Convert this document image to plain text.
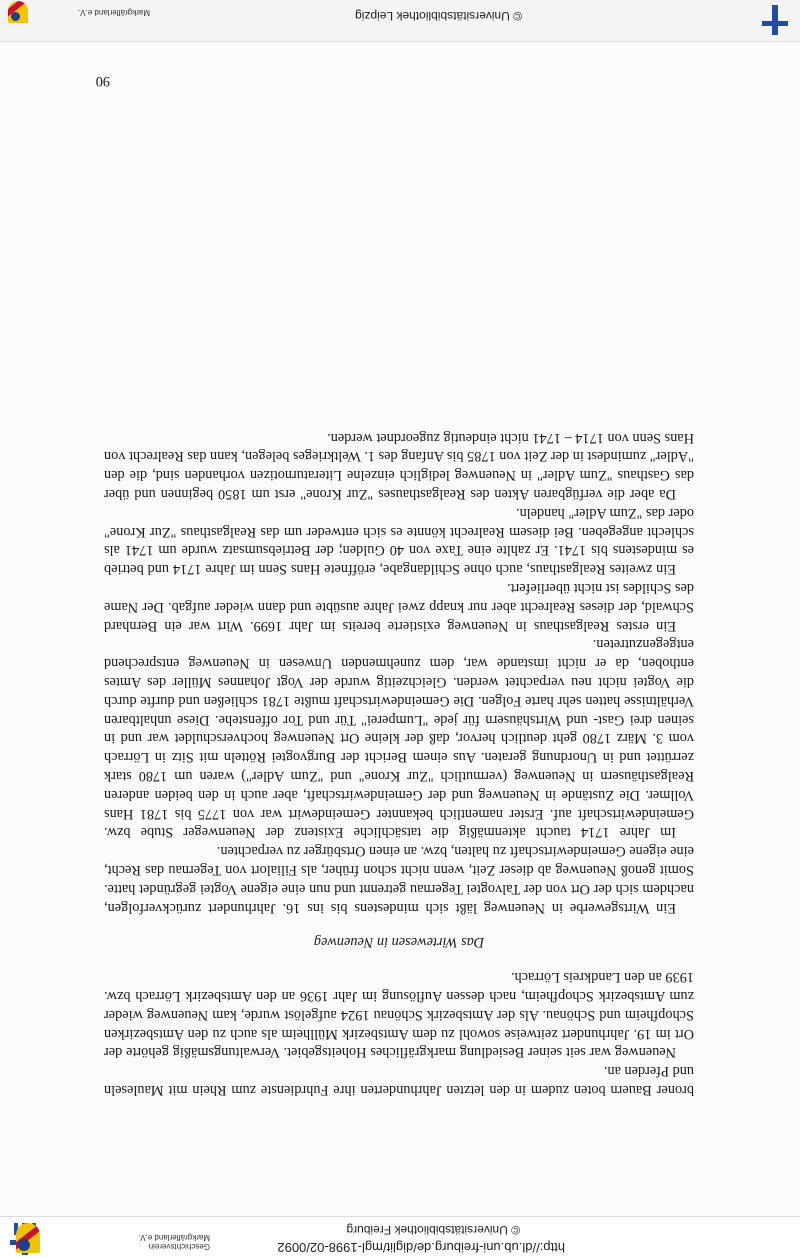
http://dl.ub.uni-freiburg.de/diglit/mgl-1998-02/0092
© Universitätsbibliothek Freiburg
Geschichtsverein
Markgräflerland e.V.
© Universitätsbibliothek Leipzig
Markgräflerland e.V.

broner Bauern boten zudem in den letzten Jahrhunderten ihre Fuhrdienste zum Rhein mit Mauleseln und Pferden an.

Neuenweg war seit seiner Besiedlung markgräfliches Hoheitsgebiet. Verwaltungsmäßig gehörte der Ort im 19. Jahrhundert zeitweise sowohl zu dem Amtsbezirk Müllheim als auch zu den Amtsbezirken Schopfheim und Schönau. Als der Amtsbezirk Schönau 1924 aufgelöst wurde, kam Neuenweg wieder zum Amtsbezirk Schopfheim, nach dessen Auflösung im Jahr 1936 an den Amtsbezirk Lörrach bzw. 1939 an den Landkreis Lörrach.

Das Wirtewesen in Neuenweg

Ein Wirtsgewerbe in Neuenweg läßt sich mindestens bis ins 16. Jahrhundert zurückverfolgen, nachdem sich der Ort von der Talvogtei Tegernau getrennt und nun eine eigene Vogtei gegründet hatte. Somit genoß Neuenweg ab dieser Zeit, wenn nicht schon früher, als Filialort von Tegernau das Recht, eine eigene Gemeindewirtschaft zu halten, bzw. an einen Ortsbürger zu verpachten.

Im Jahre 1714 taucht aktenmäßig die tatsächliche Existenz der Neuenweger Stube bzw. Gemeindewirtschaft auf. Erster namentlich bekannter Gemeindewirt war von 1775 bis 1781 Hans Vollmer. Die Zustände in Neuenweg und der Gemeindewirtschaft, aber auch in den beiden anderen Realgasthäusern in Neuenweg (vermutlich "Zur Krone" und "Zum Adler") waren um 1780 stark zerrüttet und in Unordnung geraten. Aus einem Bericht der Burgvogtei Rötteln mit Sitz in Lörrach vom 3. März 1780 geht deutlich hervor, daß der kleine Ort Neuenweg hochverschuldet war und in seinen drei Gast- und Wirtshäusern für jede "Lumperei" Tür und Tor offenstehe. Diese unhaltbaren Verhältnisse hatten sehr harte Folgen. Die Gemeindewirtschaft mußte 1781 schließen und durfte durch die Vogtei nicht neu verpachtet werden. Gleichzeitig wurde der Vogt Johannes Müller des Amtes enthoben, da er nicht imstande war, dem zunehmenden Unwesen in Neuenweg entsprechend entgegenzutreten.

Ein erstes Realgasthaus in Neuenweg existierte bereits im Jahr 1699. Wirt war ein Bernhard Schwald, der dieses Realrecht aber nur knapp zwei Jahre ausübte und dann wieder aufgab. Der Name des Schildes ist nicht überliefert.

Ein zweites Realgasthaus, auch ohne Schildangabe, eröffnete Hans Senn im Jahre 1714 und betrieb es mindestens bis 1741. Er zahlte eine Taxe von 40 Gulden; der Betriebsumsatz wurde um 1741 als schlecht angegeben. Bei diesem Realrecht könnte es sich entweder um das Realgasthaus "Zur Krone" oder das "Zum Adler" handeln.

Da aber die verfügbaren Akten des Realgasthauses "Zur Krone" erst um 1850 beginnen und über das Gasthaus "Zum Adler" in Neuenweg lediglich einzelne Literaturnotizen vorhanden sind, die den "Adler" zumindest in der Zeit von 1785 bis Anfang des 1. Weltkrieges belegen, kann das Realrecht von Hans Senn von 1714 – 1741 nicht eindeutig zugeordnet werden.

90
